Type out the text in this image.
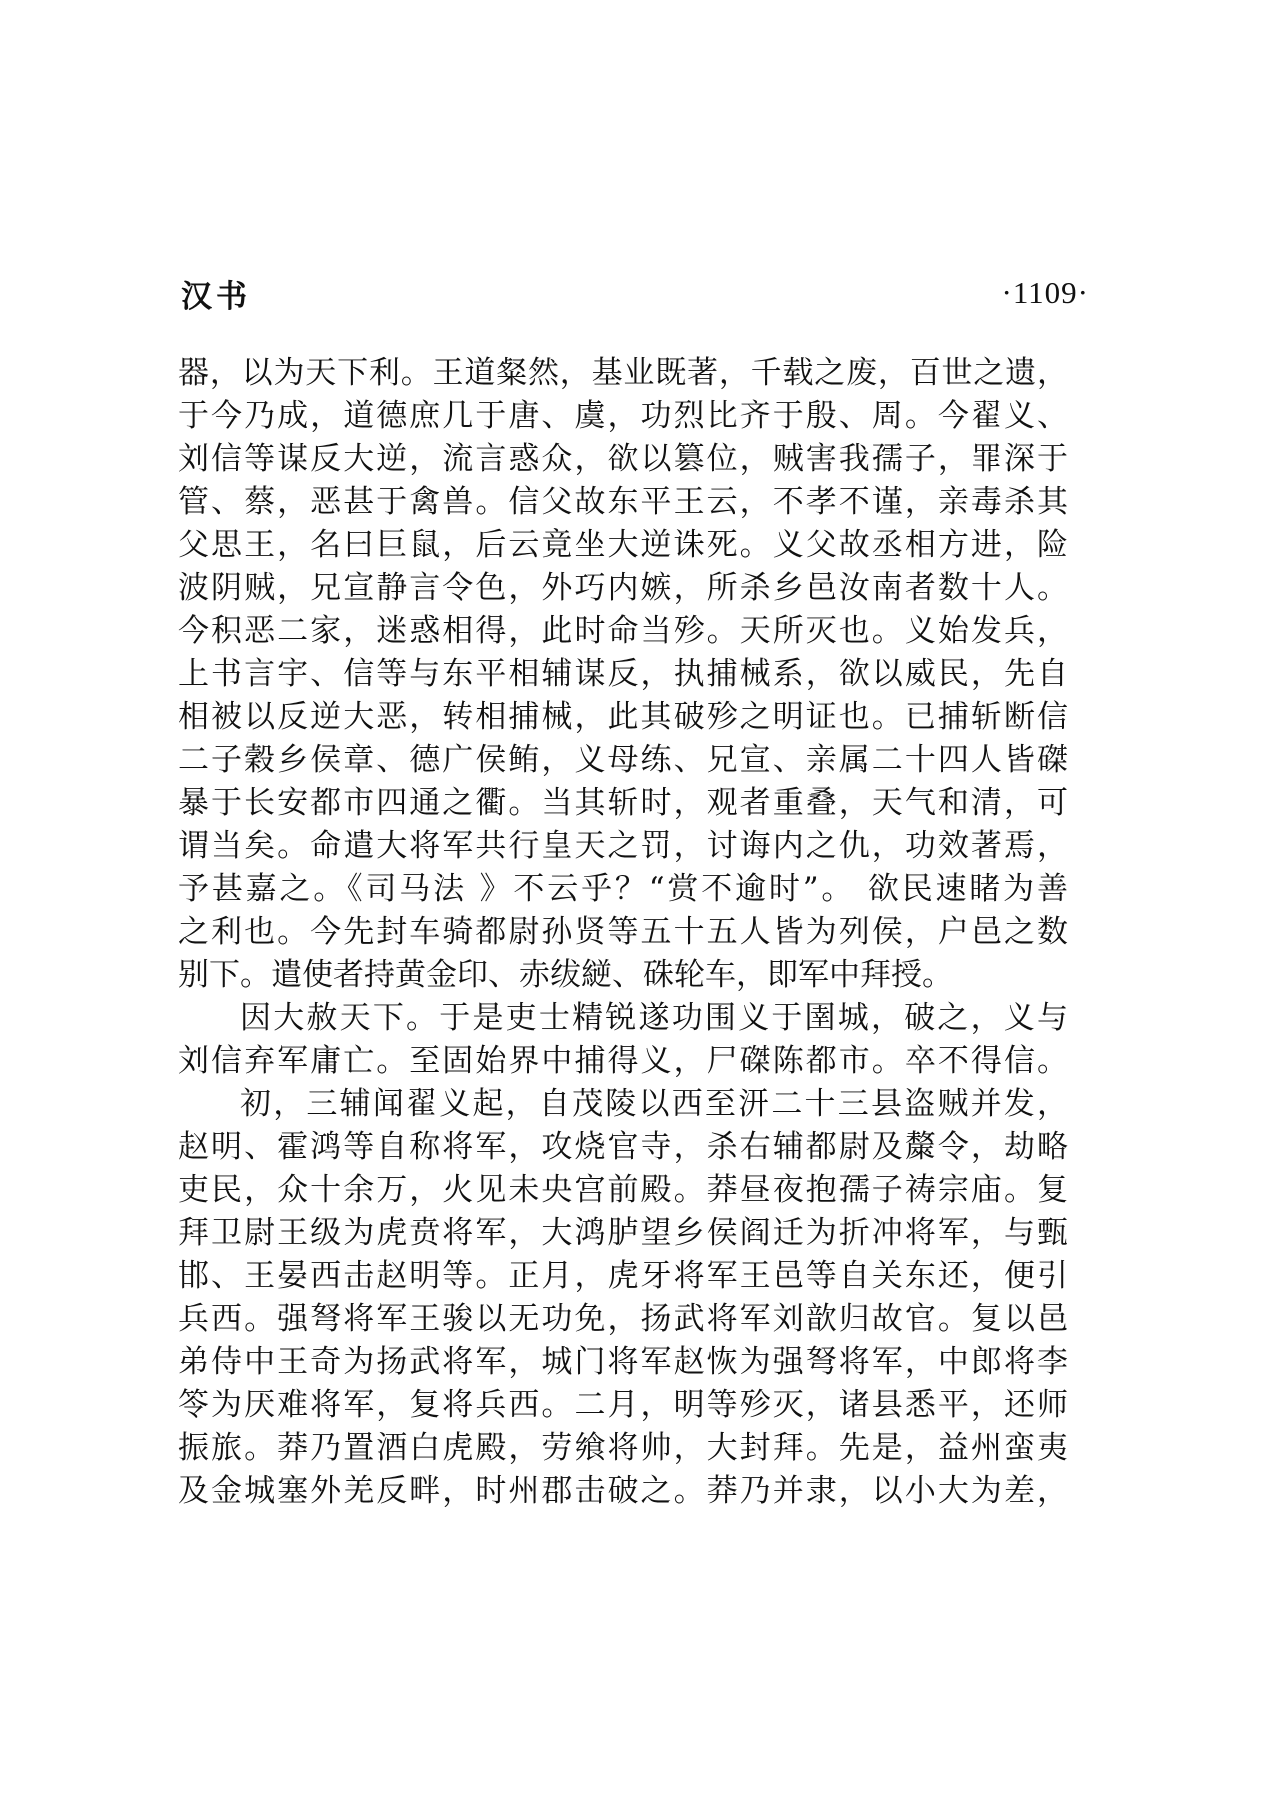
汉书	·1109·
器，以为天下利。王道粲然，基业既著，千载之废，百世之遗，
于今乃成，道德庶几于唐、虞，功烈比齐于殷、周。今翟义、
刘信等谋反大逆，流言惑众，欲以篡位，贼害我孺子，罪深于
管、蔡，恶甚于禽兽。信父故东平王云，不孝不谨，亲毒杀其
父思王，名曰巨鼠，后云竟坐大逆诛死。义父故丞相方进，险
波阴贼，兄宣静言令色，外巧内嫉，所杀乡邑汝南者数十人。
今积恶二家，迷惑相得，此时命当殄。天所灭也。义始发兵，
上书言宇、信等与东平相辅谋反，执捕械系，欲以威民，先自
相被以反逆大恶，转相捕械，此其破殄之明证也。已捕斩断信
二子穀乡侯章、德广侯鲔，义母练、兄宣、亲属二十四人皆磔
暴于长安都市四通之衢。当其斩时，观者重叠，天气和清，可
谓当矣。命遣大将军共行皇天之罚，讨诲内之仇，功效著焉，
予甚嘉之。《司马法 》不云乎？“赏不逾时”。 欲民速睹为善
之利也。今先封车骑都尉孙贤等五十五人皆为列侯，户邑之数
别下。遣使者持黄金印、赤绂縌、硃轮车，即军中拜授。
因大赦天下。于是吏士精锐遂功围义于圉城，破之，义与
刘信弃军庸亡。至固始界中捕得义，尸磔陈都市。卒不得信。
初，三辅闻翟义起，自茂陵以西至汧二十三县盗贼并发，
赵明、霍鸿等自称将军，攻烧官寺，杀右辅都尉及斄令，劫略
吏民，众十余万，火见未央宫前殿。莽昼夜抱孺子祷宗庙。复
拜卫尉王级为虎贲将军，大鸿胪望乡侯阎迁为折冲将军，与甄
邯、王晏西击赵明等。正月，虎牙将军王邑等自关东还，便引
兵西。强弩将军王骏以无功免，扬武将军刘歆归故官。复以邑
弟侍中王奇为扬武将军，城门将军赵恢为强弩将军，中郎将李
笭为厌难将军，复将兵西。二月，明等殄灭，诸县悉平，还师
振旅。莽乃置酒白虎殿，劳飨将帅，大封拜。先是，益州蛮夷
及金城塞外羌反畔，时州郡击破之。莽乃并隶，以小大为差，
